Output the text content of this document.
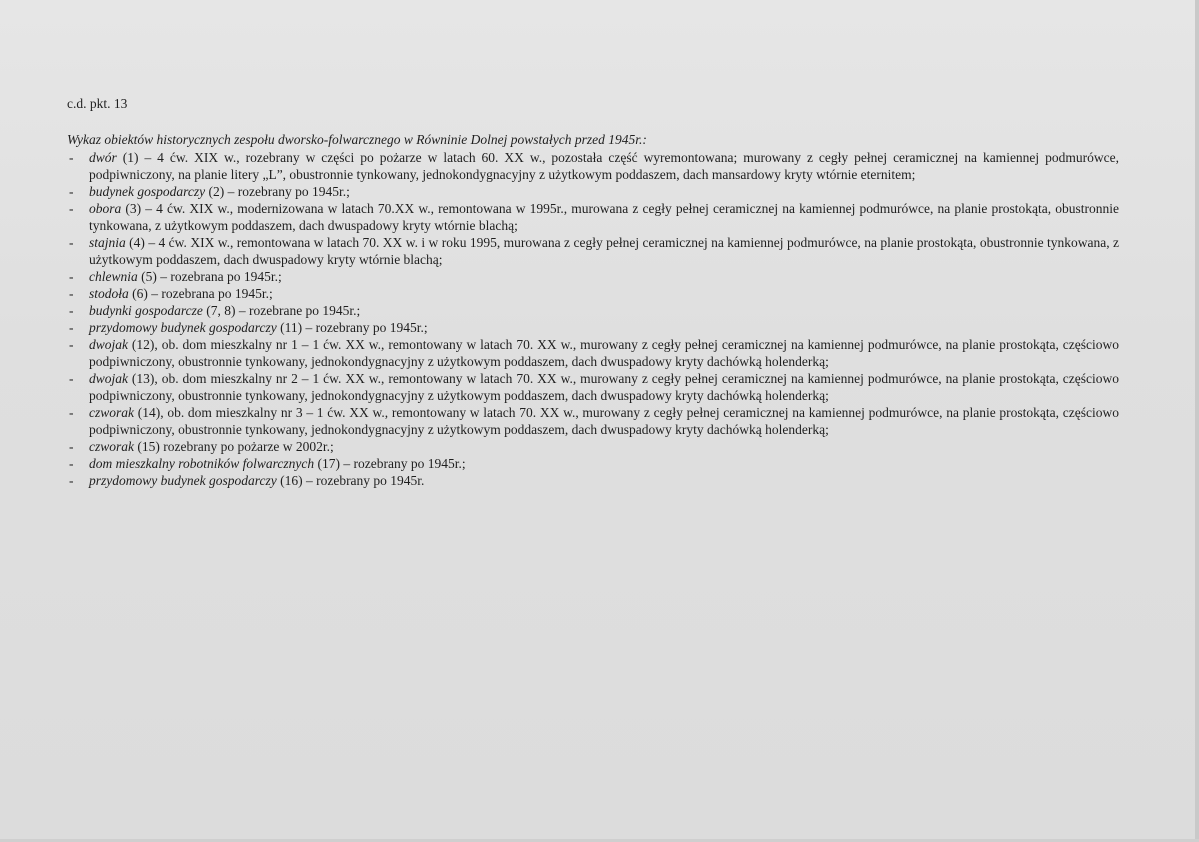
c.d. pkt. 13
Wykaz obiektów historycznych zespołu dworsko-folwarcznego w Równinie Dolnej powstałych przed 1945r.:
- dwór (1) – 4 ćw. XIX w., rozebrany w części po pożarze w latach 60. XX w., pozostała część wyremontowana; murowany z cegły pełnej ceramicznej na kamiennej podmurówce, podpiwniczony, na planie litery „L”, obustronnie tynkowany, jednokondygnacyjny z użytkowym poddaszem, dach mansardowy kryty wtórnie eternitem;
- budynek gospodarczy (2) – rozebrany po 1945r.;
- obora (3) – 4 ćw. XIX w., modernizowana w latach 70.XX w., remontowana w 1995r., murowana z cegły pełnej ceramicznej na kamiennej podmurówce, na planie prostokąta, obustronnie tynkowana, z użytkowym poddaszem, dach dwuspadowy kryty wtórnie blachą;
- stajnia (4) – 4 ćw. XIX w., remontowana w latach 70. XX w. i w roku 1995, murowana z cegły pełnej ceramicznej na kamiennej podmurówce, na planie prostokąta, obustronnie tynkowana, z użytkowym poddaszem, dach dwuspadowy kryty wtórnie blachą;
- chlewnia (5) – rozebrana po 1945r.;
- stodoła (6) – rozebrana po 1945r.;
- budynki gospodarcze (7, 8) – rozebrane po 1945r.;
- przydomowy budynek gospodarczy (11) – rozebrany po 1945r.;
- dwojak (12), ob. dom mieszkalny nr 1 – 1 ćw. XX w., remontowany w latach 70. XX w., murowany z cegły pełnej ceramicznej na kamiennej podmurówce, na planie prostokąta, częściowo podpiwniczony, obustronnie tynkowany, jednokondygnacyjny z użytkowym poddaszem, dach dwuspadowy kryty dachówką holenderką;
- dwojak (13), ob. dom mieszkalny nr 2 – 1 ćw. XX w., remontowany w latach 70. XX w., murowany z cegły pełnej ceramicznej na kamiennej podmurówce, na planie prostokąta, częściowo podpiwniczony, obustronnie tynkowany, jednokondygnacyjny z użytkowym poddaszem, dach dwuspadowy kryty dachówką holenderką;
- czworak (14), ob. dom mieszkalny nr 3 – 1 ćw. XX w., remontowany w latach 70. XX w., murowany z cegły pełnej ceramicznej na kamiennej podmurówce, na planie prostokąta, częściowo podpiwniczony, obustronnie tynkowany, jednokondygnacyjny z użytkowym poddaszem, dach dwuspadowy kryty dachówką holenderką;
- czworak (15) rozebrany po pożarze w 2002r.;
- dom mieszkalny robotników folwarcznych (17) – rozebrany po 1945r.;
- przydomowy budynek gospodarczy (16) – rozebrany po 1945r.
